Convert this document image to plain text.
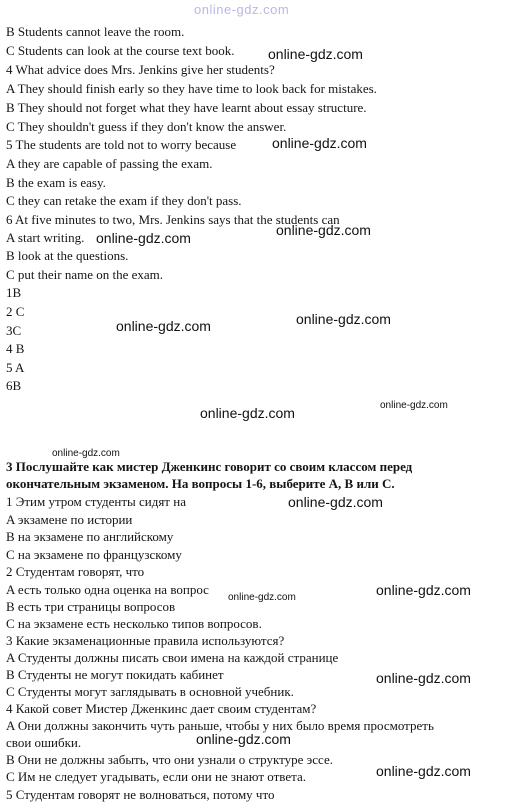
B Students cannot leave the room.
C Students can look at the course text book.
4 What advice does Mrs. Jenkins give her students?
A They should finish early so they have time to look back for mistakes.
B They should not forget what they have learnt about essay structure.
C They shouldn't guess if they don't know the answer.
5 The students are told not to worry because
A they are capable of passing the exam.
B the exam is easy.
C they can retake the exam if they don't pass.
6 At five minutes to two, Mrs. Jenkins says that the students can
A start writing.
B look at the questions.
C put their name on the exam.
1B
2 C
3C
4 B
5 A
6B
3 Послушайте как мистер Дженкинс говорит со своим классом перед
окончательным экзаменом. На вопросы 1-6, выберите A, B или C.
1 Этим утром студенты сидят на
A экзамене по истории
B на экзамене по английскому
C на экзамене по французскому
2 Студентам говорят, что
A есть только одна оценка на вопрос
B есть три страницы вопросов
C на экзамене есть несколько типов вопросов.
3 Какие экзаменационные правила используются?
A Студенты должны писать свои имена на каждой странице
B Студенты не могут покидать кабинет
C Студенты могут заглядывать в основной учебник.
4 Какой совет Мистер Дженкинс дает своим студентам?
A Они должны закончить чуть раньше, чтобы у них было время просмотреть
свои ошибки.
B Они не должны забыть, что они узнали о структуре эссе.
C Им не следует угадывать, если они не знают ответа.
5 Студентам говорят не волноваться, потому что
online-gdz.com
online-gdz.com
online-gdz.com
online-gdz.com	online-gdz.com
online-gdz.com
online-gdz.com
online-gdz.com	online-gdz.com
online-gdz.com
online-gdz.com
online-gdz.com
online-gdz.com
online-gdz.com
online-gdz.com
online-gdz.com
